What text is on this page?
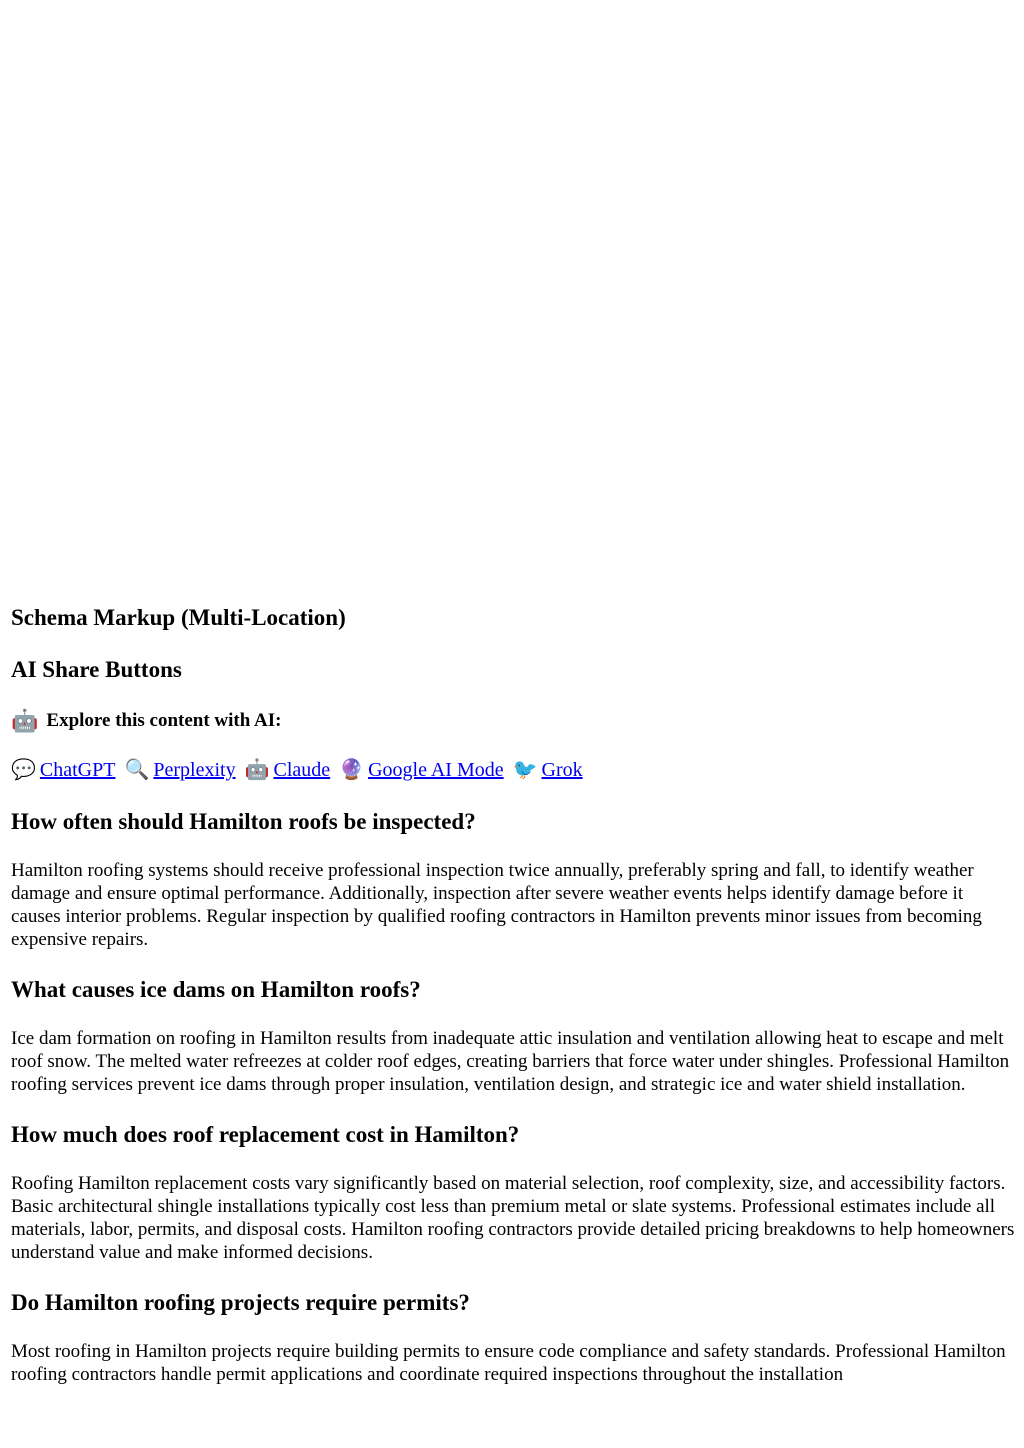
Schema Markup (Multi-Location)
AI Share Buttons
🤖 Explore this content with AI:
💬 ChatGPT 🔍 Perplexity 🤖 Claude 🔮 Google AI Mode 🐦 Grok
How often should Hamilton roofs be inspected?

Hamilton roofing systems should receive professional inspection twice annually, preferably spring and fall, to identify weather damage and ensure optimal performance. Additionally, inspection after severe weather events helps identify damage before it causes interior problems. Regular inspection by qualified roofing contractors in Hamilton prevents minor issues from becoming expensive repairs.

What causes ice dams on Hamilton roofs?

Ice dam formation on roofing in Hamilton results from inadequate attic insulation and ventilation allowing heat to escape and melt roof snow. The melted water refreezes at colder roof edges, creating barriers that force water under shingles. Professional Hamilton roofing services prevent ice dams through proper insulation, ventilation design, and strategic ice and water shield installation.

How much does roof replacement cost in Hamilton?

Roofing Hamilton replacement costs vary significantly based on material selection, roof complexity, size, and accessibility factors. Basic architectural shingle installations typically cost less than premium metal or slate systems. Professional estimates include all materials, labor, permits, and disposal costs. Hamilton roofing contractors provide detailed pricing breakdowns to help homeowners understand value and make informed decisions.

Do Hamilton roofing projects require permits?

Most roofing in Hamilton projects require building permits to ensure code compliance and safety standards. Professional Hamilton roofing contractors handle permit applications and coordinate required inspections throughout the installation
